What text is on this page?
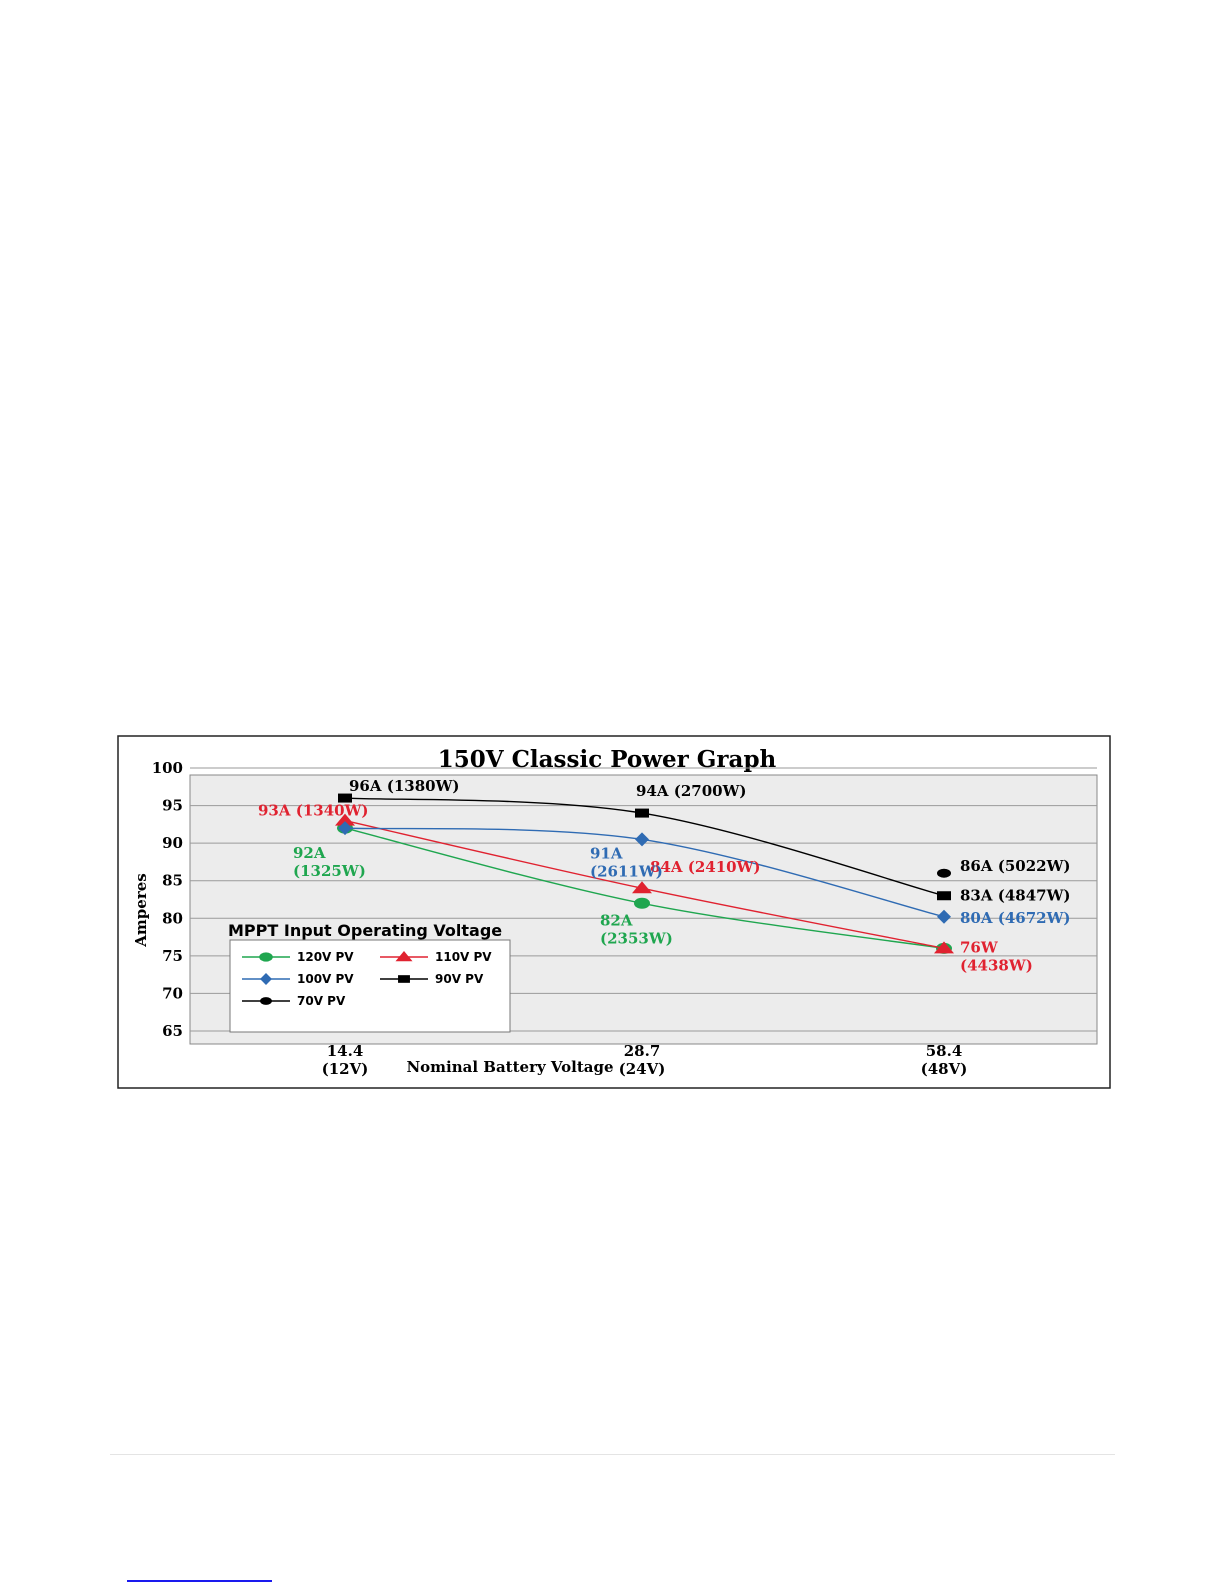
150V Classic Power Graph
Amperes
Nominal Battery Voltage
65
70
75
80
85
90
95
100
14.4
(12V)
28.7
(24V)
58.4
(48V)
92A
(1325W)
82A
(2353W)
93A (1340W)
84A (2410W)
76W
(4438W)
91A
(2611W)
80A (4672W)
96A (1380W)	94A (2700W)
83A (4847W)
86A (5022W)
MPPT Input Operating Voltage
120V PV	110V PV
100V PV	90V PV
70V PV
